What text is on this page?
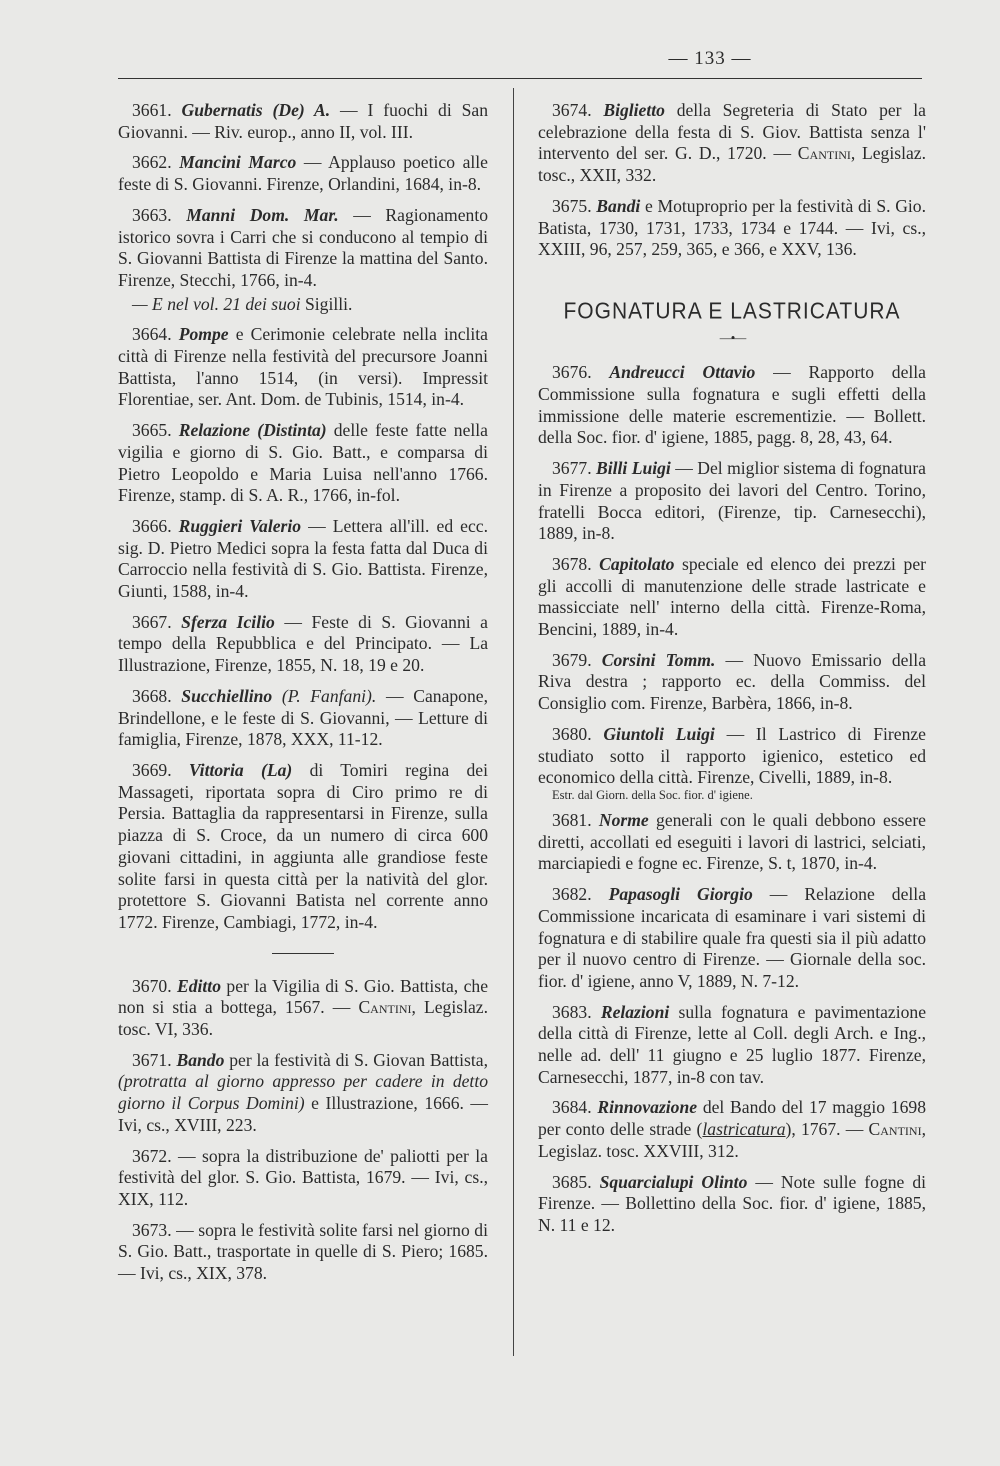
— 133 —

3661. Gubernatis (De) A. — I fuochi di San Giovanni. — Riv. europ., anno II, vol. III.

3662. Mancini Marco — Applauso poetico alle feste di S. Giovanni. Firenze, Orlandini, 1684, in-8.

3663. Manni Dom. Mar. — Ragionamento istorico sovra i Carri che si conducono al tempio di S. Giovanni Battista di Firenze la mattina del Santo. Firenze, Stecchi, 1766, in-4.

— E nel vol. 21 dei suoi Sigilli.

3664. Pompe e Cerimonie celebrate nella inclita città di Firenze nella festività del precursore Joanni Battista, l'anno 1514, (in versi). Impressit Florentiae, ser. Ant. Dom. de Tubinis, 1514, in-4.

3665. Relazione (Distinta) delle feste fatte nella vigilia e giorno di S. Gio. Batt., e comparsa di Pietro Leopoldo e Maria Luisa nell'anno 1766. Firenze, stamp. di S. A. R., 1766, in-fol.

3666. Ruggieri Valerio — Lettera all'ill. ed ecc. sig. D. Pietro Medici sopra la festa fatta dal Duca di Carroccio nella festività di S. Gio. Battista. Firenze, Giunti, 1588, in-4.

3667. Sferza Icilio — Feste di S. Giovanni a tempo della Repubblica e del Principato. — La Illustrazione, Firenze, 1855, N. 18, 19 e 20.

3668. Succhiellino (P. Fanfani). — Canapone, Brindellone, e le feste di S. Giovanni, — Letture di famiglia, Firenze, 1878, XXX, 11-12.

3669. Vittoria (La) di Tomiri regina dei Massageti, riportata sopra di Ciro primo re di Persia. Battaglia da rappresentarsi in Firenze, sulla piazza di S. Croce, da un numero di circa 600 giovani cittadini, in aggiunta alle grandiose feste solite farsi in questa città per la natività del glor. protettore S. Giovanni Batista nel corrente anno 1772. Firenze, Cambiagi, 1772, in-4.

3670. Editto per la Vigilia di S. Gio. Battista, che non si stia a bottega, 1567. — Cantini, Legislaz. tosc. VI, 336.

3671. Bando per la festività di S. Giovan Battista, (protratta al giorno appresso per cadere in detto giorno il Corpus Domini) e Illustrazione, 1666. — Ivi, cs., XVIII, 223.

3672. — sopra la distribuzione de' paliotti per la festività del glor. S. Gio. Battista, 1679. — Ivi, cs., XIX, 112.

3673. — sopra le festività solite farsi nel giorno di S. Gio. Batt., trasportate in quelle di S. Piero; 1685. — Ivi, cs., XIX, 378.

3674. Biglietto della Segreteria di Stato per la celebrazione della festa di S. Giov. Battista senza l' intervento del ser. G. D., 1720. — Cantini, Legislaz. tosc., XXII, 332.

3675. Bandi e Motuproprio per la festività di S. Gio. Batista, 1730, 1731, 1733, 1734 e 1744. — Ivi, cs., XXIII, 96, 257, 259, 365, e 366, e XXV, 136.

FOGNATURA E LASTRICATURA
—•—

3676. Andreucci Ottavio — Rapporto della Commissione sulla fognatura e sugli effetti della immissione delle materie escrementizie. — Bollett. della Soc. fior. d' igiene, 1885, pagg. 8, 28, 43, 64.

3677. Billi Luigi — Del miglior sistema di fognatura in Firenze a proposito dei lavori del Centro. Torino, fratelli Bocca editori, (Firenze, tip. Carnesecchi), 1889, in-8.

3678. Capitolato speciale ed elenco dei prezzi per gli accolli di manutenzione delle strade lastricate e massicciate nell' interno della città. Firenze-Roma, Bencini, 1889, in-4.

3679. Corsini Tomm. — Nuovo Emissario della Riva destra ; rapporto ec. della Commiss. del Consiglio com. Firenze, Barbèra, 1866, in-8.

3680. Giuntoli Luigi — Il Lastrico di Firenze studiato sotto il rapporto igienico, estetico ed economico della città. Firenze, Civelli, 1889, in-8.

Estr. dal Giorn. della Soc. fior. d' igiene.

3681. Norme generali con le quali debbono essere diretti, accollati ed eseguiti i lavori di lastrici, selciati, marciapiedi e fogne ec. Firenze, S. t, 1870, in-4.

3682. Papasogli Giorgio — Relazione della Commissione incaricata di esaminare i vari sistemi di fognatura e di stabilire quale fra questi sia il più adatto per il nuovo centro di Firenze. — Giornale della soc. fior. d' igiene, anno V, 1889, N. 7-12.

3683. Relazioni sulla fognatura e pavimentazione della città di Firenze, lette al Coll. degli Arch. e Ing., nelle ad. dell' 11 giugno e 25 luglio 1877. Firenze, Carnesecchi, 1877, in-8 con tav.

3684. Rinnovazione del Bando del 17 maggio 1698 per conto delle strade (lastricatura), 1767. — Cantini, Legislaz. tosc. XXVIII, 312.

3685. Squarcialupi Olinto — Note sulle fogne di Firenze. — Bollettino della Soc. fior. d' igiene, 1885, N. 11 e 12.
